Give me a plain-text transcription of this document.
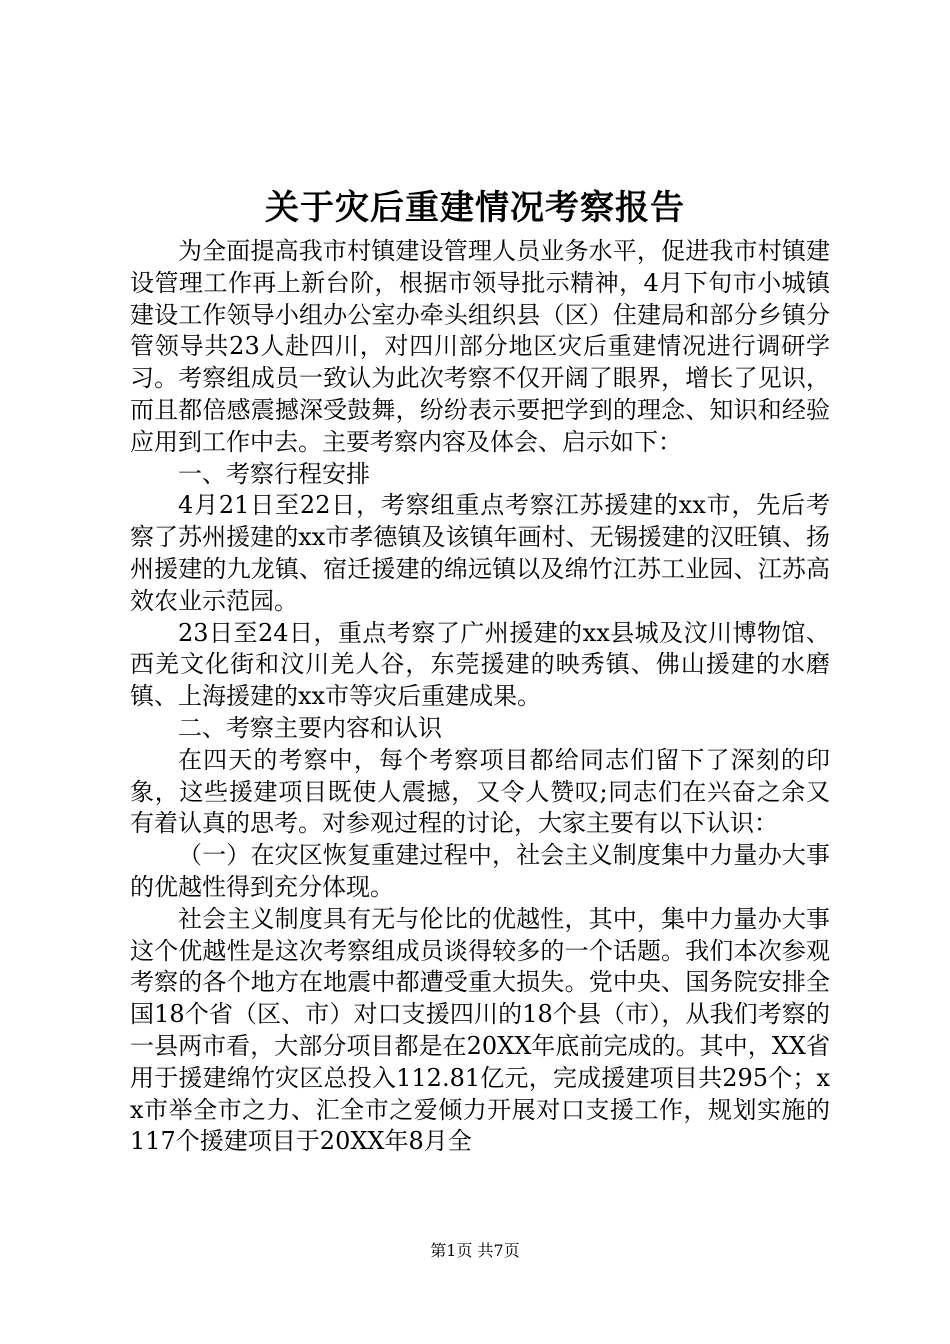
关于灾后重建情况考察报告

为全面提高我市村镇建设管理人员业务水平，促进我市村镇建设管理工作再上新台阶，根据市领导批示精神，4月下旬市小城镇建设工作领导小组办公室办牵头组织县（区）住建局和部分乡镇分管领导共23人赴四川，对四川部分地区灾后重建情况进行调研学习。考察组成员一致认为此次考察不仅开阔了眼界，增长了见识，而且都倍感震撼深受鼓舞，纷纷表示要把学到的理念、知识和经验应用到工作中去。主要考察内容及体会、启示如下：

一、考察行程安排

4月21日至22日，考察组重点考察江苏援建的xx市，先后考察了苏州援建的xx市孝德镇及该镇年画村、无锡援建的汉旺镇、扬州援建的九龙镇、宿迁援建的绵远镇以及绵竹江苏工业园、江苏高效农业示范园。

23日至24日，重点考察了广州援建的xx县城及汶川博物馆、西羌文化街和汶川羌人谷，东莞援建的映秀镇、佛山援建的水磨镇、上海援建的xx市等灾后重建成果。

二、考察主要内容和认识

在四天的考察中，每个考察项目都给同志们留下了深刻的印象，这些援建项目既使人震撼，又令人赞叹;同志们在兴奋之余又有着认真的思考。对参观过程的讨论，大家主要有以下认识：

（一）在灾区恢复重建过程中，社会主义制度集中力量办大事的优越性得到充分体现。

社会主义制度具有无与伦比的优越性，其中，集中力量办大事这个优越性是这次考察组成员谈得较多的一个话题。我们本次参观考察的各个地方在地震中都遭受重大损失。党中央、国务院安排全国18个省（区、市）对口支援四川的18个县（市），从我们考察的一县两市看，大部分项目都是在20XX年底前完成的。其中，XX省用于援建绵竹灾区总投入112.81亿元，完成援建项目共295个；xx市举全市之力、汇全市之爱倾力开展对口支援工作，规划实施的117个援建项目于20XX年8月全

第1页 共7页
